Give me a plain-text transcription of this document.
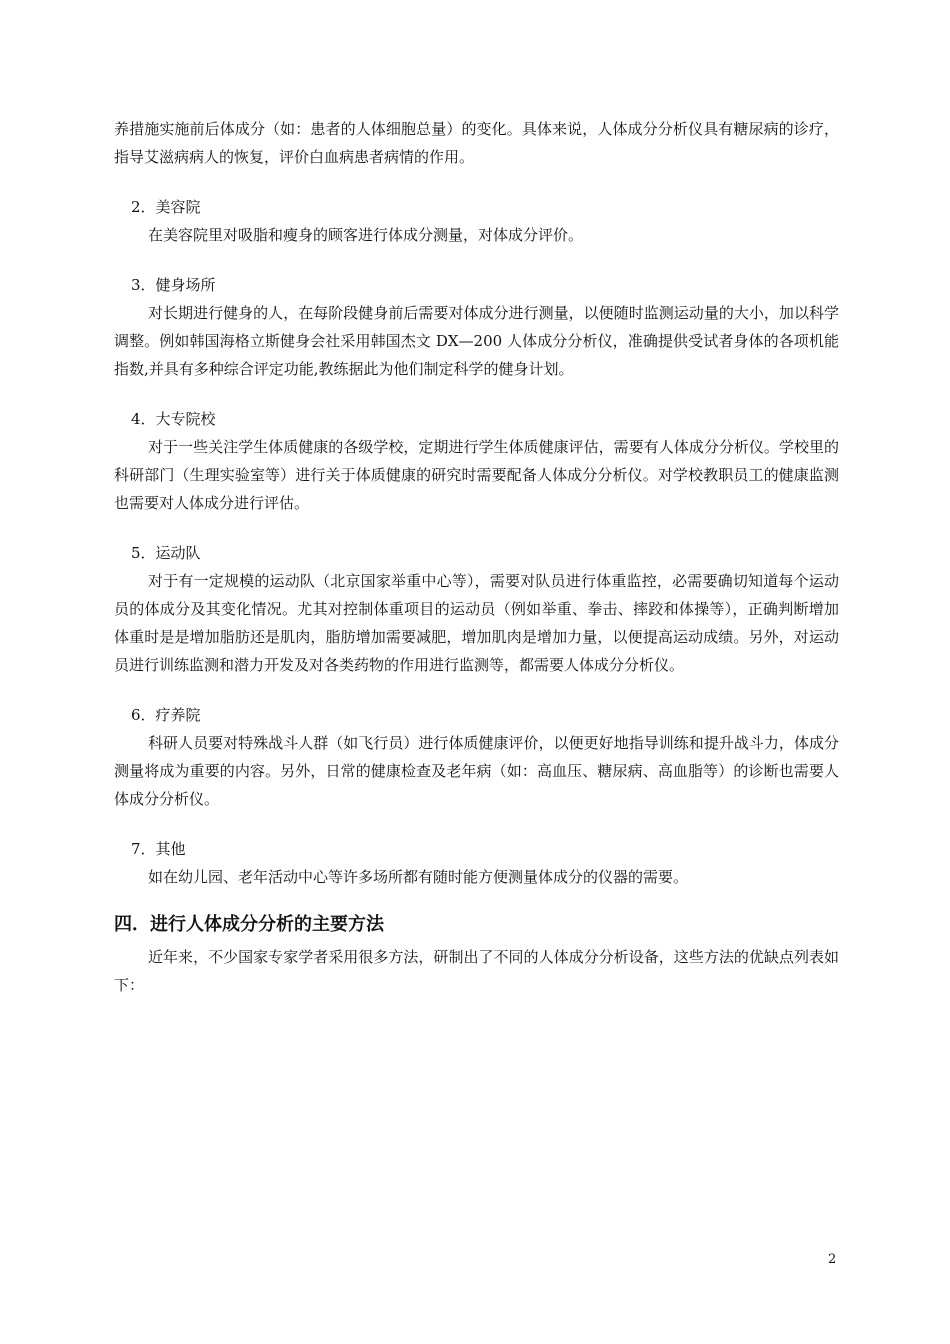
养措施实施前后体成分（如：患者的人体细胞总量）的变化。具体来说，人体成分分析仪具有糖尿病的诊疗，指导艾滋病病人的恢复，评价白血病患者病情的作用。

2．美容院

在美容院里对吸脂和瘦身的顾客进行体成分测量，对体成分评价。

3．健身场所

对长期进行健身的人，在每阶段健身前后需要对体成分进行测量，以便随时监测运动量的大小，加以科学调整。例如韩国海格立斯健身会社采用韩国杰文 DX—200 人体成分分析仪，准确提供受试者身体的各项机能指数,并具有多种综合评定功能,教练据此为他们制定科学的健身计划。

4．大专院校

对于一些关注学生体质健康的各级学校，定期进行学生体质健康评估，需要有人体成分分析仪。学校里的科研部门（生理实验室等）进行关于体质健康的研究时需要配备人体成分分析仪。对学校教职员工的健康监测也需要对人体成分进行评估。

5．运动队

对于有一定规模的运动队（北京国家举重中心等），需要对队员进行体重监控，必需要确切知道每个运动员的体成分及其变化情况。尤其对控制体重项目的运动员（例如举重、拳击、摔跤和体操等），正确判断增加体重时是是增加脂肪还是肌肉，脂肪增加需要减肥，增加肌肉是增加力量，以便提高运动成绩。另外，对运动员进行训练监测和潜力开发及对各类药物的作用进行监测等，都需要人体成分分析仪。

6．疗养院

科研人员要对特殊战斗人群（如飞行员）进行体质健康评价，以便更好地指导训练和提升战斗力，体成分测量将成为重要的内容。另外，日常的健康检查及老年病（如：高血压、糖尿病、高血脂等）的诊断也需要人体成分分析仪。

7．其他

如在幼儿园、老年活动中心等许多场所都有随时能方便测量体成分的仪器的需要。

四．进行人体成分分析的主要方法

近年来，不少国家专家学者采用很多方法，研制出了不同的人体成分分析设备，这些方法的优缺点列表如下：

2
